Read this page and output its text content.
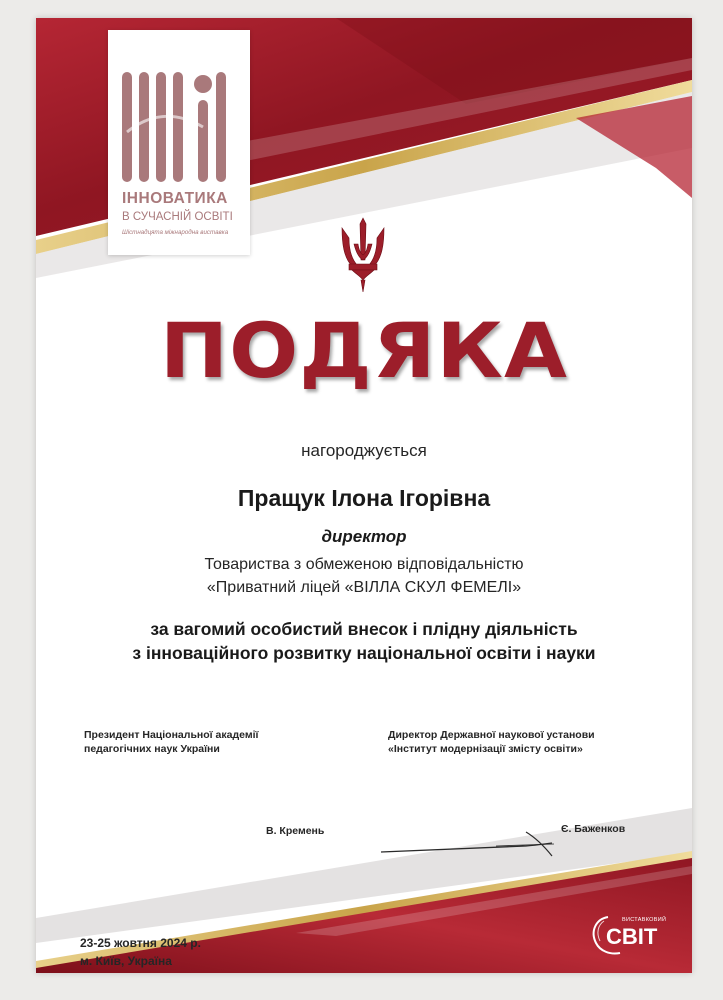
ІННОВАТИКА
В СУЧАСНІЙ ОСВІТІ
Шістнадцята міжнародна виставка
ПОДЯКА
нагороджується
Пращук Ілона Ігорівна
директор
Товариства з обмеженою відповідальністю
«Приватний ліцей «ВІЛЛА СКУЛ ФЕМЕЛІ»
за вагомий особистий внесок і плідну діяльність
з інноваційного розвитку національної освіти і науки
Президент Національної академії
педагогічних наук України
Директор Державної наукової установи
«Інститут модернізації змісту освіти»
В. Кремень	Є. Баженков
23-25 жовтня 2024 р.
м. Київ, Україна
ВИСТАВКОВИЙ
СВІТ
